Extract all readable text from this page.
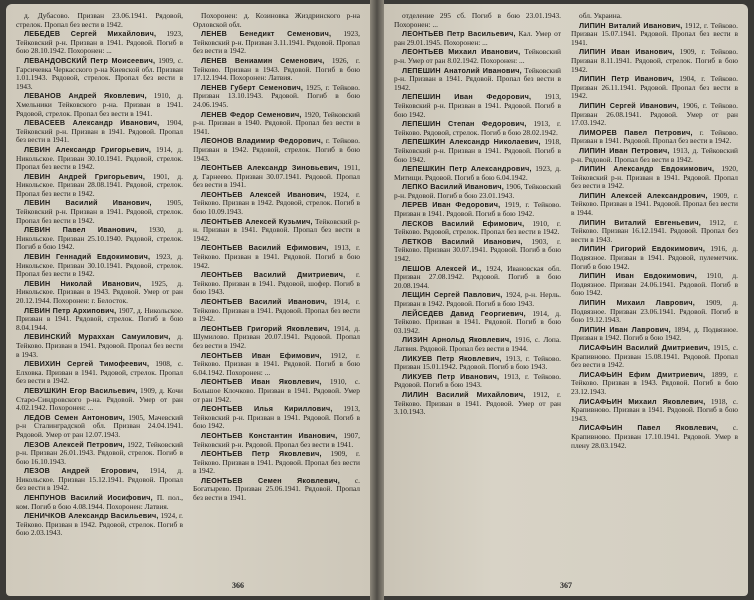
д. Дубасово. Призван 23.06.1941. Рядовой, стрелок. Пропал без вести в 1942.

ЛЕБЕДЕВ Сергей Михайлович, 1923, Тейковский р-н. Призван в 1941. Рядовой. Погиб в бою 28.10.1942. Похоронен: ...

ЛЕВАНДОВСКИЙ Петр Моисеевич, 1909, с. Гарсичевка Черкасского р-на Киевской обл. Призван 1.01.1943. Рядовой, стрелок. Пропал без вести в 1943.

ЛЕВАНОВ Андрей Яковлевич, 1910, д. Хмельники Тейковского р-на. Призван в 1941. Рядовой, стрелок. Пропал без вести в 1941.

ЛЕВАСЕЕВ Александр Иванович, 1904, Тейковский р-н. Призван в 1941. Рядовой. Пропал без вести в 1941.

ЛЕВИН Александр Григорьевич, 1914, д. Никольское. Призван 30.10.1941. Рядовой, стрелок. Пропал без вести в 1942.

ЛЕВИН Андрей Григорьевич, 1901, д. Никольское. Призван 28.08.1941. Рядовой, стрелок. Пропал без вести в 1942.

ЛЕВИН Василий Иванович, 1905, Тейковский р-н. Призван в 1941. Рядовой, стрелок. Пропал без вести в 1942.

ЛЕВИН Павел Иванович, 1930, д. Никольское. Призван 25.10.1940. Рядовой, стрелок. Погиб в бою 1942.

ЛЕВИН Геннадий Евдокимович, 1923, д. Никольское. Призван 30.10.1941. Рядовой, стрелок. Пропал без вести в 1942.

ЛЕВИН Николай Иванович, 1925, д. Никольское. Призван в 1943. Рядовой. Умер от ран 20.12.1944. Похоронен: г. Белосток.

ЛЕВИН Петр Архипович, 1907, д. Никольское. Призван в 1941. Рядовой, стрелок. Погиб в бою 8.04.1944.

ЛЕВИНСКИЙ Мураххан Самуилович, д. Тейково. Призван в 1941. Рядовой. Пропал без вести в 1943.

ЛЕВИХИН Сергей Тимофеевич, 1908, с. Елховка. Призван в 1941. Рядовой, стрелок. Пропал без вести в 1942.

ЛЕВУШКИН Егор Васильевич, 1909, д. Кочи Старо-Синдровского р-на. Рядовой. Умер от ран 4.02.1942. Похоронен: ...

ЛЕДОВ Семен Антонович, 1905, Мачевский р-н Сталинградской обл. Призван 24.04.1941. Рядовой. Умер от ран 12.07.1943.

ЛЕЗОВ Алексей Петрович, 1922, Тейковский р-н. Призван 26.01.1943. Рядовой, стрелок. Погиб в бою 16.10.1943.

ЛЕЗОВ Андрей Егорович, 1914, д. Никольское. Призван 15.12.1941. Рядовой. Пропал без вести в 1942.

ЛЕНПУНОВ Василий Иосифович, П. пол., ком. Погиб в бою 4.08.1944. Похоронен: Латвия.

ЛЕНИЧКОВ Александр Васильевич, 1924, г. Тейково. Призван в 1942. Рядовой, стрелок. Погиб в бою 2.03.1943.

Похоронен: д. Козиновка Жиздринского р-на Орловской обл.

ЛЕНЕВ Бенедикт Семенович, 1923, Тейковский р-н. Призван 3.11.1941. Рядовой. Пропал без вести в 1942.

ЛЕНЕВ Вениамин Семенович, 1926, г. Тейково. Призван в 1943. Рядовой. Погиб в бою 17.12.1944. Похоронен: Латвия.

ЛЕНЕВ Губерт Семенович, 1925, г. Тейково. Призван 13.10.1943. Рядовой. Погиб в бою 24.06.1945.

ЛЕНЕВ Федор Семенович, 1920, Тейковский р-н. Призван в 1940. Рядовой. Пропал без вести в 1941.

ЛЕОНОВ Владимир Федорович, г. Тейково. Призван в 1942. Рядовой, стрелок. Погиб в бою 1943.

ЛЕОНТЬЕВ Александр Зиновьевич, 1911, д. Гарнеево. Призван 30.07.1941. Рядовой. Пропал без вести в 1941.

ЛЕОНТЬЕВ Алексей Иванович, 1924, г. Тейково. Призван в 1942. Рядовой, стрелок. Погиб в бою 10.09.1943.

ЛЕОНТЬЕВ Алексей Кузьмич, Тейковский р-н. Призван в 1941. Рядовой. Пропал без вести в 1942.

ЛЕОНТЬЕВ Василий Ефимович, 1913, г. Тейково. Призван в 1941. Рядовой. Погиб в бою 1942.

ЛЕОНТЬЕВ Василий Дмитриевич, г. Тейково. Призван в 1941. Рядовой, шофер. Погиб в бою 1943.

ЛЕОНТЬЕВ Василий Иванович, 1914, г. Тейково. Призван в 1941. Рядовой. Пропал без вести в 1942.

ЛЕОНТЬЕВ Григорий Яковлевич, 1914, д. Шумилово. Призван 20.07.1941. Рядовой. Пропал без вести в 1942.

ЛЕОНТЬЕВ Иван Ефимович, 1912, г. Тейково. Призван в 1941. Рядовой. Погиб в бою 6.04.1942. Похоронен: ...

ЛЕОНТЬЕВ Иван Яковлевич, 1910, с. Большое Клочково. Призван в 1941. Рядовой. Умер от ран 1942.

ЛЕОНТЬЕВ Илья Кириллович, 1913, Тейковский р-н. Призван в 1941. Рядовой. Погиб в бою 1942.

ЛЕОНТЬЕВ Константин Иванович, 1907, Тейковский р-н. Рядовой. Пропал без вести в 1941.

ЛЕОНТЬЕВ Петр Яковлевич, 1909, г. Тейково. Призван в 1941. Рядовой. Пропал без вести в 1942.

ЛЕОНТЬЕВ Семен Яковлевич, с. Богатырево. Призван 25.06.1941. Рядовой. Пропал без вести в 1941.

366

отделение 295 сб. Погиб в бою 23.01.1943. Похоронен: ...

ЛЕОНТЬЕВ Петр Васильевич, Кал. Умер от ран 29.01.1945. Похоронен: ...

ЛЕОНТЬЕВ Михаил Иванович, Тейковский р-н. Умер от ран 8.02.1942. Похоронен: ...

ЛЕПЕШИН Анатолий Иванович, Тейковский р-н. Призван в 1941. Рядовой. Пропал без вести в 1942.

ЛЕПЕШИН Иван Федорович, 1913, Тейковский р-н. Призван в 1941. Рядовой. Погиб в бою 1942.

ЛЕПЕШИН Степан Федорович, 1913, г. Тейково. Рядовой, стрелок. Погиб в бою 28.02.1942.

ЛЕПЕШКИН Александр Николаевич, 1918, Тейковский р-н. Призван в 1941. Рядовой. Погиб в бою 1942.

ЛЕПЕШКИН Петр Александрович, 1923, д. Митищи. Рядовой. Погиб в бою 6.04.1942.

ЛЕПКО Василий Иванович, 1906, Тейковский р-н. Рядовой. Погиб в бою 23.01.1943.

ЛЕРЕВ Иван Федорович, 1919, г. Тейково. Призван в 1941. Рядовой. Погиб в бою 1942.

ЛЕСКОВ Василий Ефимович, 1910, г. Тейково. Рядовой, стрелок. Пропал без вести в 1942.

ЛЕТКОВ Василий Иванович, 1903, г. Тейково. Призван 30.07.1941. Рядовой. Погиб в бою 1942.

ЛЕШОВ Алексей И., 1924, Ивановская обл. Призван 27.08.1942. Рядовой. Погиб в бою 20.08.1944.

ЛЕЩИН Сергей Павлович, 1924, р-н. Нерль. Призван в 1942. Рядовой. Погиб в бою 1943.

ЛЕЙСЕДЕВ Давид Георгиевич, 1914, д. Тейково. Призван в 1941. Рядовой. Погиб в бою 03.1942.

ЛИЗИН Арнольд Яковлевич, 1916, с. Лопа. Латвия. Рядовой. Пропал без вести в 1944.

ЛИКУЕВ Петр Яковлевич, 1913, г. Тейково. Призван 15.01.1942. Рядовой. Погиб в бою 1943.

ЛИКУЕВ Петр Иванович, 1913, г. Тейково. Рядовой. Погиб в бою 1943.

ЛИЛИН Василий Михайлович, 1912, г. Тейково. Призван в 1941. Рядовой. Умер от ран 3.10.1943.

обл. Украина.

ЛИПИН Виталий Иванович, 1912, г. Тейково. Призван 15.07.1941. Рядовой. Пропал без вести в 1941.

ЛИПИН Иван Иванович, 1909, г. Тейково. Призван 8.11.1941. Рядовой, стрелок. Погиб в бою 1942.

ЛИПИН Петр Иванович, 1904, г. Тейково. Призван 26.11.1941. Рядовой. Пропал без вести в 1942.

ЛИПИН Сергей Иванович, 1906, г. Тейково. Призван 26.08.1941. Рядовой. Умер от ран 17.03.1942.

ЛИМОРЕВ Павел Петрович, г. Тейково. Призван в 1941. Рядовой. Пропал без вести в 1942.

ЛИПИН Иван Петрович, 1913, д. Тейковский р-н. Рядовой. Пропал без вести в 1942.

ЛИПИН Александр Евдокимович, 1920, Тейковский р-н. Призван в 1941. Рядовой. Пропал без вести в 1942.

ЛИПИН Алексей Александрович, 1909, г. Тейково. Призван в 1941. Рядовой. Пропал без вести в 1944.

ЛИПИН Виталий Евгеньевич, 1912, г. Тейково. Призван 16.12.1941. Рядовой. Пропал без вести в 1943.

ЛИПИН Григорий Евдокимович, 1916, д. Подвязное. Призван в 1941. Рядовой, пулеметчик. Погиб в бою 1942.

ЛИПИН Иван Евдокимович, 1910, д. Подвязное. Призван 24.06.1941. Рядовой. Погиб в бою 1942.

ЛИПИН Михаил Лаврович, 1909, д. Подвязное. Призван 23.06.1941. Рядовой. Погиб в бою 19.12.1943.

ЛИПИН Иван Лаврович, 1894, д. Подвязное. Призван в 1942. Погиб в бою 1942.

ЛИСАФЬИН Василий Дмитриевич, 1915, с. Крапивново. Призван 15.08.1941. Рядовой. Пропал без вести в 1942.

ЛИСАФЬИН Ефим Дмитриевич, 1899, г. Тейково. Призван в 1943. Рядовой. Погиб в бою 23.12.1943.

ЛИСАФЬИН Михаил Яковлевич, 1918, с. Крапивново. Призван в 1941. Рядовой. Погиб в бою 1943.

ЛИСАФЬИН Павел Яковлевич, с. Крапивново. Призван 17.10.1941. Рядовой. Умер в плену 28.03.1942.

367
